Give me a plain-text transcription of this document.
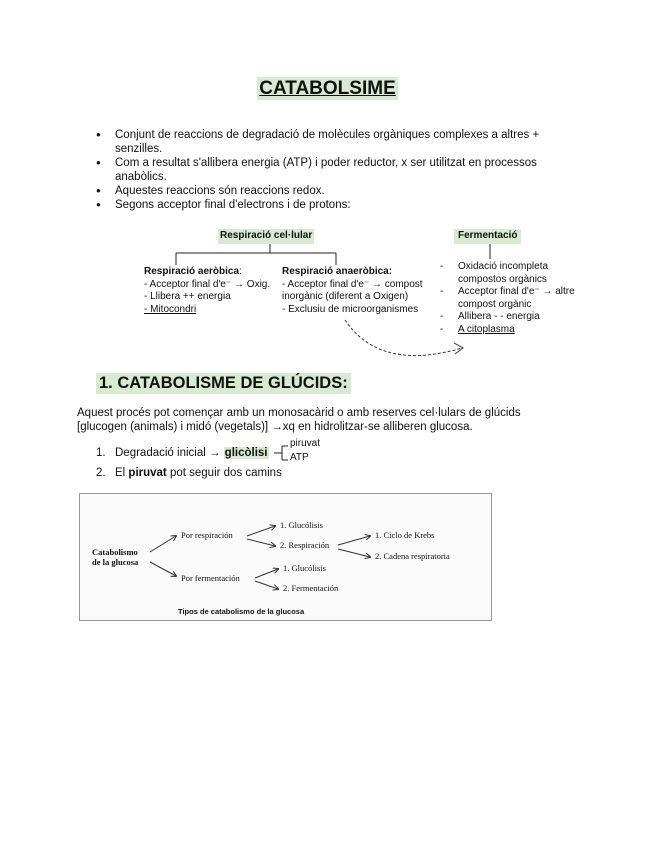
CATABOLSIME
● Conjunt de reaccions de degradació de molècules orgàniques complexes a altres + senzilles.
● Com a resultat s'allibera energia (ATP) i poder reductor, x ser utilitzat en processos anabòlics.
● Aquestes reaccions són reaccions redox.
● Segons acceptor final d'electrons i de protons:
Respiració cel·lular	Fermentació
Respiració aeròbica:
- Acceptor final d'e⁻ → Oxig.
- Llibera ++ energia
- Mitocondri
Respiració anaeròbica:
- Acceptor final d'e⁻ → compost
inorgànic (diferent a Oxigen)
- Exclusiu de microorganismes
- Oxidació incompleta
compostos orgànics
- Acceptor final d'e⁻ → altre
compost orgànic
- Allibera - - energia
- A citoplasma
1. CATABOLISME DE GLÚCIDS:
Aquest procés pot començar amb un monosacàrid o amb reserves cel·lulars de glúcids
[glucogen (animals) i midó (vegetals)] →xq en hidrolitzar-se alliberen glucosa.
1. Degradació inicial → glicòlisi
piruvat
ATP
2. El piruvat pot seguir dos camins
Catabolismo
de la glucosa
Por respiración
Por fermentación
1. Glucólisis
2. Respiración
1. Ciclo de Krebs
2. Cadena respiratoria
1. Glucólisis
2. Fermentación
Tipos de catabolismo de la glucosa
